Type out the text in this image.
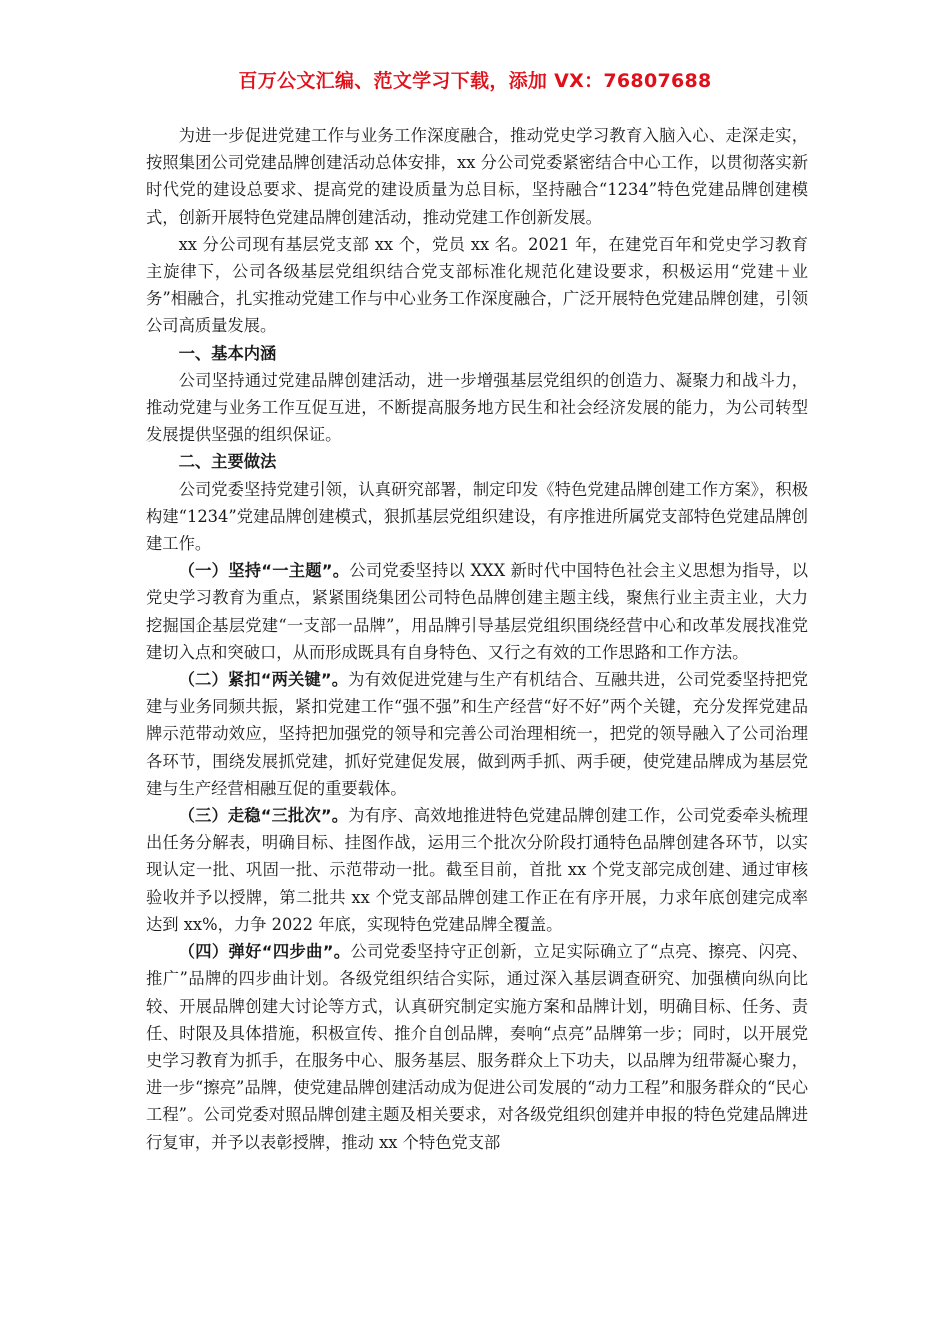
百万公文汇编、范文学习下载，添加 VX：76807688

为进一步促进党建工作与业务工作深度融合，推动党史学习教育入脑入心、走深走实，按照集团公司党建品牌创建活动总体安排，xx 分公司党委紧密结合中心工作，以贯彻落实新时代党的建设总要求、提高党的建设质量为总目标，坚持融合“1234”特色党建品牌创建模式，创新开展特色党建品牌创建活动，推动党建工作创新发展。

xx 分公司现有基层党支部 xx 个，党员 xx 名。2021 年，在建党百年和党史学习教育主旋律下，公司各级基层党组织结合党支部标准化规范化建设要求，积极运用“党建＋业务”相融合，扎实推动党建工作与中心业务工作深度融合，广泛开展特色党建品牌创建，引领公司高质量发展。

一、基本内涵

公司坚持通过党建品牌创建活动，进一步增强基层党组织的创造力、凝聚力和战斗力，推动党建与业务工作互促互进，不断提高服务地方民生和社会经济发展的能力，为公司转型发展提供坚强的组织保证。

二、主要做法

公司党委坚持党建引领，认真研究部署，制定印发《特色党建品牌创建工作方案》，积极构建“1234”党建品牌创建模式，狠抓基层党组织建设，有序推进所属党支部特色党建品牌创建工作。

（一）坚持“一主题”。公司党委坚持以 XXX 新时代中国特色社会主义思想为指导，以党史学习教育为重点，紧紧围绕集团公司特色品牌创建主题主线，聚焦行业主责主业，大力挖掘国企基层党建“一支部一品牌”，用品牌引导基层党组织围绕经营中心和改革发展找准党建切入点和突破口，从而形成既具有自身特色、又行之有效的工作思路和工作方法。

（二）紧扣“两关键”。为有效促进党建与生产有机结合、互融共进，公司党委坚持把党建与业务同频共振，紧扣党建工作“强不强”和生产经营“好不好”两个关键，充分发挥党建品牌示范带动效应，坚持把加强党的领导和完善公司治理相统一，把党的领导融入了公司治理各环节，围绕发展抓党建，抓好党建促发展，做到两手抓、两手硬，使党建品牌成为基层党建与生产经营相融互促的重要载体。

（三）走稳“三批次”。为有序、高效地推进特色党建品牌创建工作，公司党委牵头梳理出任务分解表，明确目标、挂图作战，运用三个批次分阶段打通特色品牌创建各环节，以实现认定一批、巩固一批、示范带动一批。截至目前，首批 xx 个党支部完成创建、通过审核验收并予以授牌，第二批共 xx 个党支部品牌创建工作正在有序开展，力求年底创建完成率达到 xx%，力争 2022 年底，实现特色党建品牌全覆盖。

（四）弹好“四步曲”。公司党委坚持守正创新，立足实际确立了“点亮、擦亮、闪亮、推广”品牌的四步曲计划。各级党组织结合实际，通过深入基层调查研究、加强横向纵向比较、开展品牌创建大讨论等方式，认真研究制定实施方案和品牌计划，明确目标、任务、责任、时限及具体措施，积极宣传、推介自创品牌，奏响“点亮”品牌第一步；同时，以开展党史学习教育为抓手，在服务中心、服务基层、服务群众上下功夫，以品牌为纽带凝心聚力，进一步“擦亮”品牌，使党建品牌创建活动成为促进公司发展的“动力工程”和服务群众的“民心工程”。公司党委对照品牌创建主题及相关要求，对各级党组织创建并申报的特色党建品牌进行复审，并予以表彰授牌，推动 xx 个特色党支部
